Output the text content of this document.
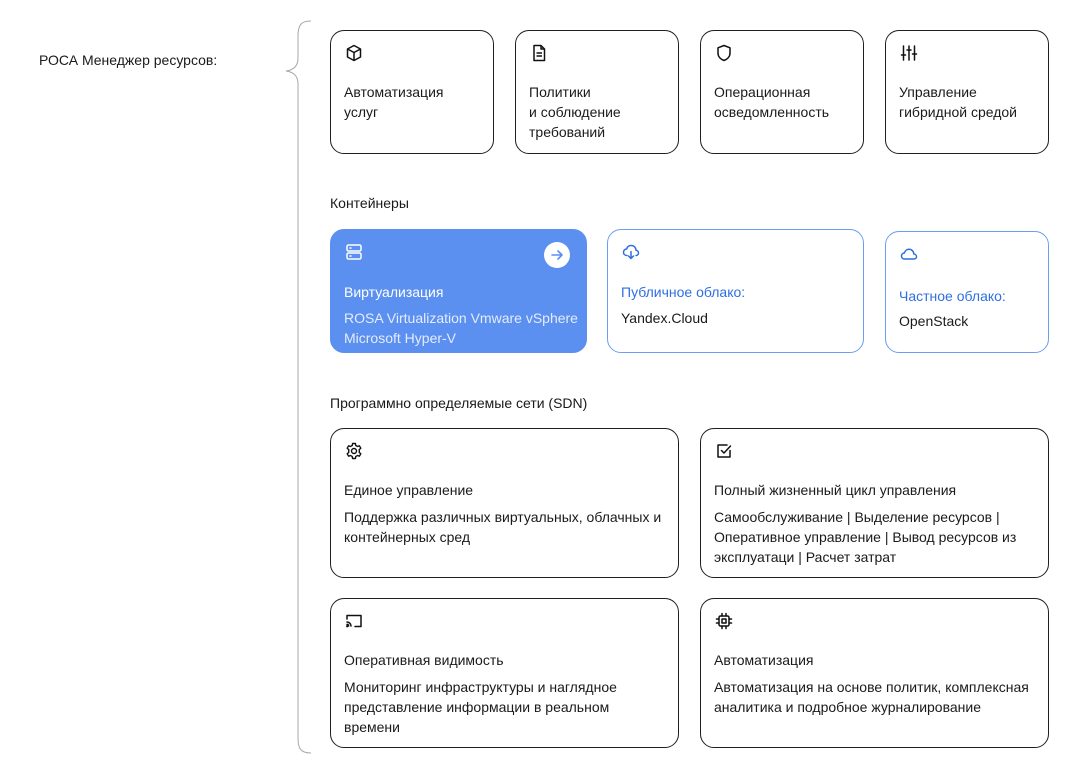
РОСА Менеджер ресурсов:
Автоматизация
услуг
Политики
и соблюдение
требований
Операционная
осведомленность
Управление
гибридной средой
Контейнеры
Виртуализация
ROSA Virtualization Vmware vSphere Microsoft Hyper-V
Публичное облако:
Yandex.Cloud
Частное облако:
OpenStack
Программно определяемые сети (SDN)
Единое управление
Поддержка различных виртуальных, облачных и контейнерных сред
Полный жизненный цикл управления
Самообслуживание | Выделение ресурсов | Оперативное управление | Вывод ресурсов из эксплуатаци | Расчет затрат
Оперативная видимость
Мониторинг инфраструктуры и наглядное представление информации в реальном времени
Автоматизация
Автоматизация на основе политик, комплексная аналитика и подробное журналирование
